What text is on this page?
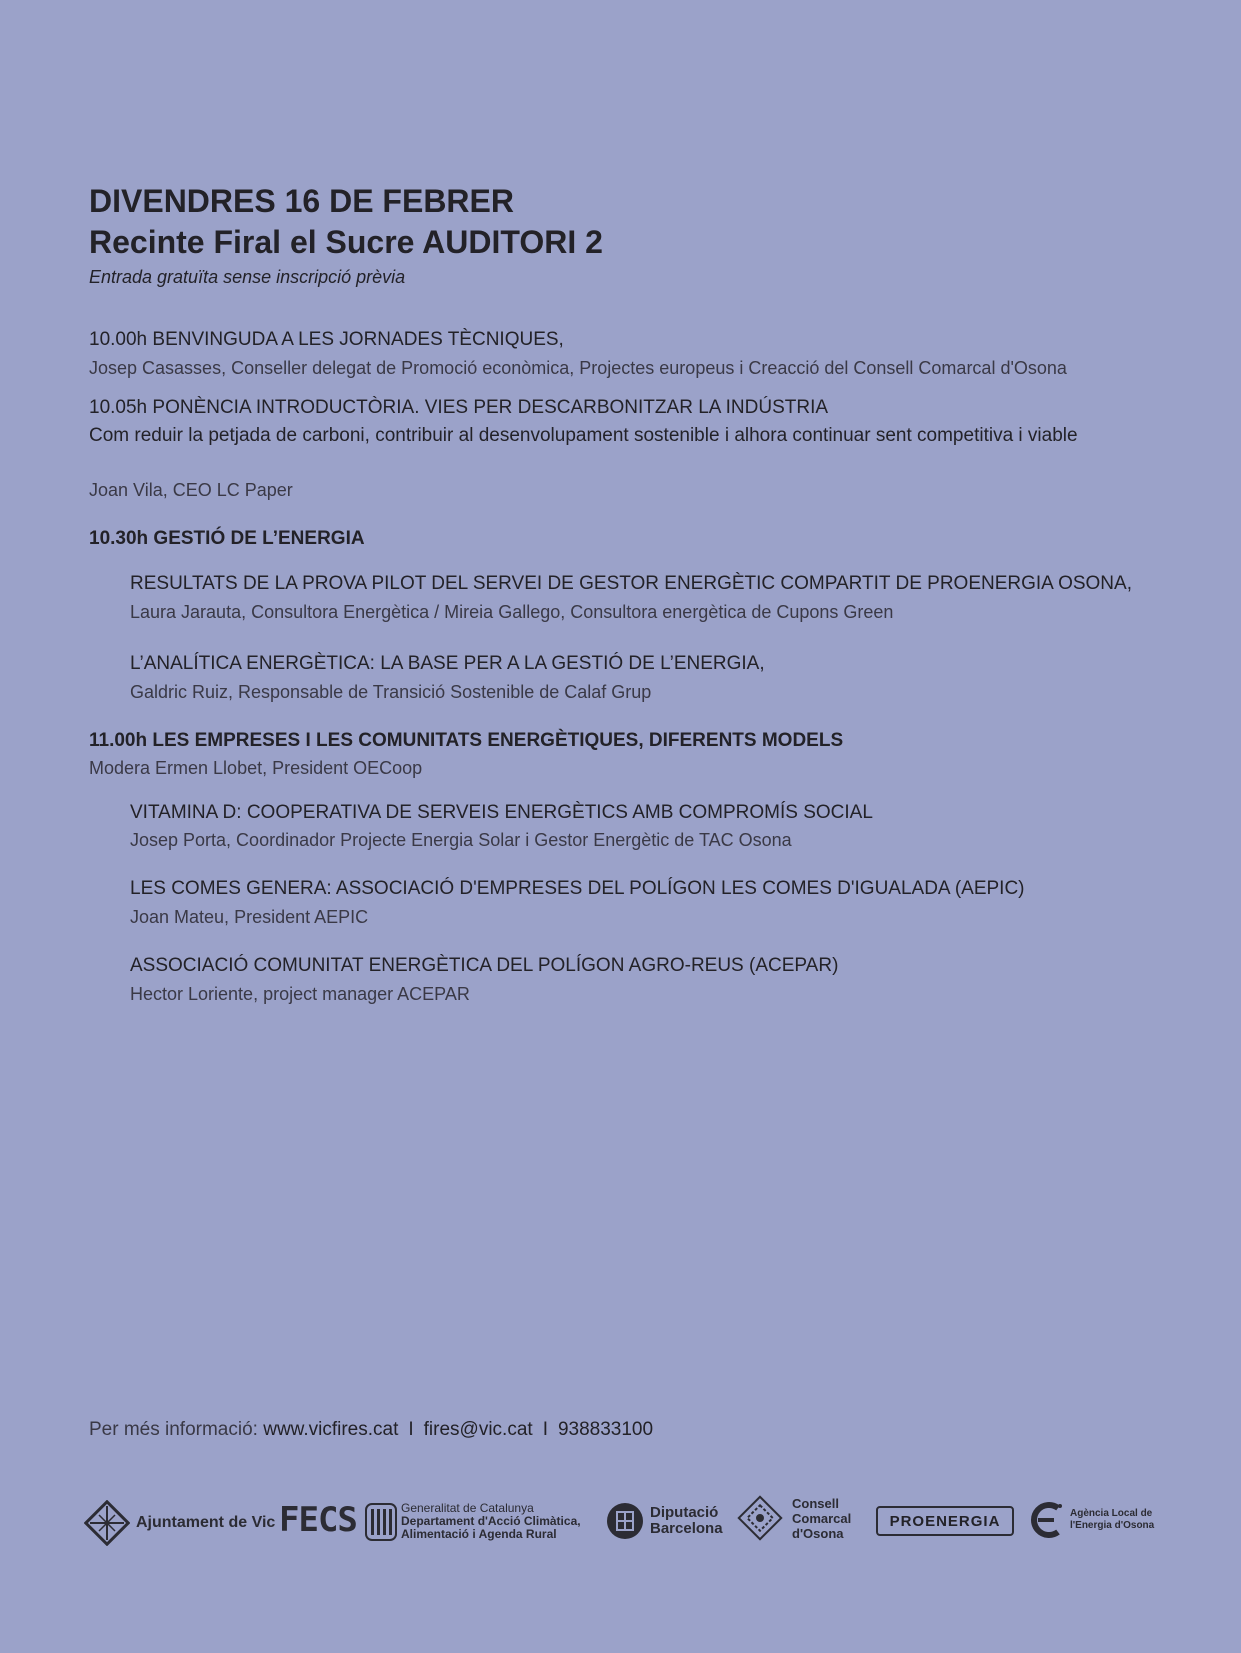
DIVENDRES 16 DE FEBRER
Recinte Firal el Sucre AUDITORI 2
Entrada gratuïta sense inscripció prèvia
10.00h BENVINGUDA A LES JORNADES TÈCNIQUES,
Josep Casasses, Conseller delegat de Promoció econòmica, Projectes europeus i Creacció del Consell Comarcal d'Osona
10.05h PONÈNCIA INTRODUCTÒRIA. VIES PER DESCARBONITZAR LA INDÚSTRIA
Com reduir la petjada de carboni, contribuir al desenvolupament sostenible i alhora continuar sent competitiva i viable
Joan Vila, CEO LC Paper
10.30h GESTIÓ DE L’ENERGIA
RESULTATS DE LA PROVA PILOT DEL SERVEI DE GESTOR ENERGÈTIC COMPARTIT DE PROENERGIA OSONA,
Laura Jarauta, Consultora Energètica / Mireia Gallego, Consultora energètica de Cupons Green
L’ANALÍTICA ENERGÈTICA: LA BASE PER A LA GESTIÓ DE L’ENERGIA,
Galdric Ruiz, Responsable de Transició Sostenible de Calaf Grup
11.00h LES EMPRESES I LES COMUNITATS ENERGÈTIQUES, DIFERENTS MODELS
Modera Ermen Llobet, President OECoop
VITAMINA D: COOPERATIVA DE SERVEIS ENERGÈTICS AMB COMPROMÍS SOCIAL
Josep Porta, Coordinador Projecte Energia Solar i Gestor Energètic de TAC Osona
LES COMES GENERA: ASSOCIACIÓ D'EMPRESES DEL POLÍGON LES COMES D'IGUALADA (AEPIC)
Joan Mateu, President AEPIC
ASSOCIACIÓ COMUNITAT ENERGÈTICA DEL POLÍGON AGRO-REUS (ACEPAR)
Hector Loriente, project manager ACEPAR
Per més informació: www.vicfires.cat I fires@vic.cat I 938833100
Ajuntament de Vic FECS	Generalitat de Catalunya
Departament d'Acció Climàtica,
Alimentació i Agenda Rural
Diputació
Barcelona
Consell
Comarcal
d'Osona
PROENERGIA	Agència Local de
l'Energia d'Osona
